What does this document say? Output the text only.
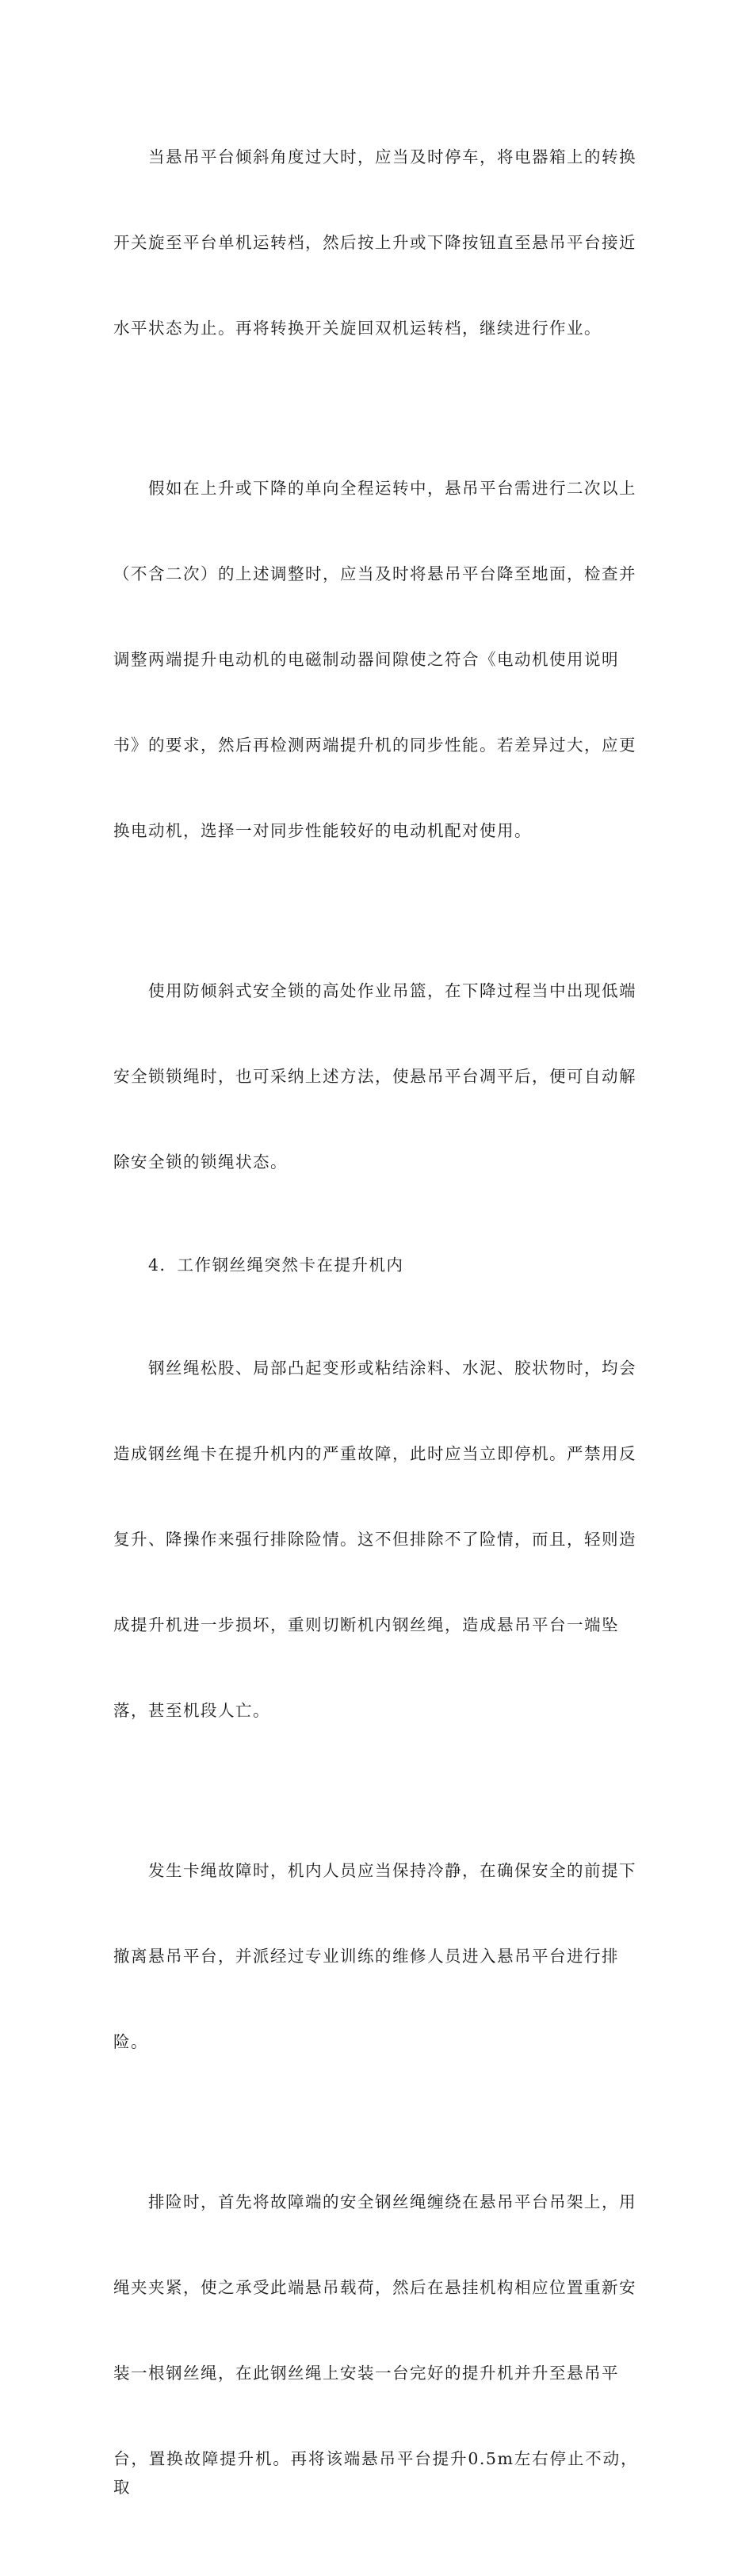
当悬吊平台倾斜角度过大时，应当及时停车，将电器箱上的转换

开关旋至平台单机运转档，然后按上升或下降按钮直至悬吊平台接近

水平状态为止。再将转换开关旋回双机运转档，继续进行作业。

假如在上升或下降的单向全程运转中，悬吊平台需进行二次以上

（不含二次）的上述调整时，应当及时将悬吊平台降至地面，检查并

调整两端提升电动机的电磁制动器间隙使之符合《电动机使用说明

书》的要求，然后再检测两端提升机的同步性能。若差异过大，应更

换电动机，选择一对同步性能较好的电动机配对使用。

使用防倾斜式安全锁的高处作业吊篮，在下降过程当中出现低端

安全锁锁绳时，也可采纳上述方法，使悬吊平台凋平后，便可自动解

除安全锁的锁绳状态。

4．工作钢丝绳突然卡在提升机内

钢丝绳松股、局部凸起变形或粘结涂料、水泥、胶状物时，均会

造成钢丝绳卡在提升机内的严重故障，此时应当立即停机。严禁用反

复升、降操作来强行排除险情。这不但排除不了险情，而且，轻则造

成提升机进一步损坏，重则切断机内钢丝绳，造成悬吊平台一端坠

落，甚至机段人亡。

发生卡绳故障时，机内人员应当保持冷静，在确保安全的前提下

撤离悬吊平台，并派经过专业训练的维修人员进入悬吊平台进行排

险。

排险时，首先将故障端的安全钢丝绳缠绕在悬吊平台吊架上，用

绳夹夹紧，使之承受此端悬吊载荷，然后在悬挂机构相应位置重新安

装一根钢丝绳，在此钢丝绳上安装一台完好的提升机并升至悬吊平

台，置换故障提升机。再将该端悬吊平台提升0.5m左右停止不动，取
